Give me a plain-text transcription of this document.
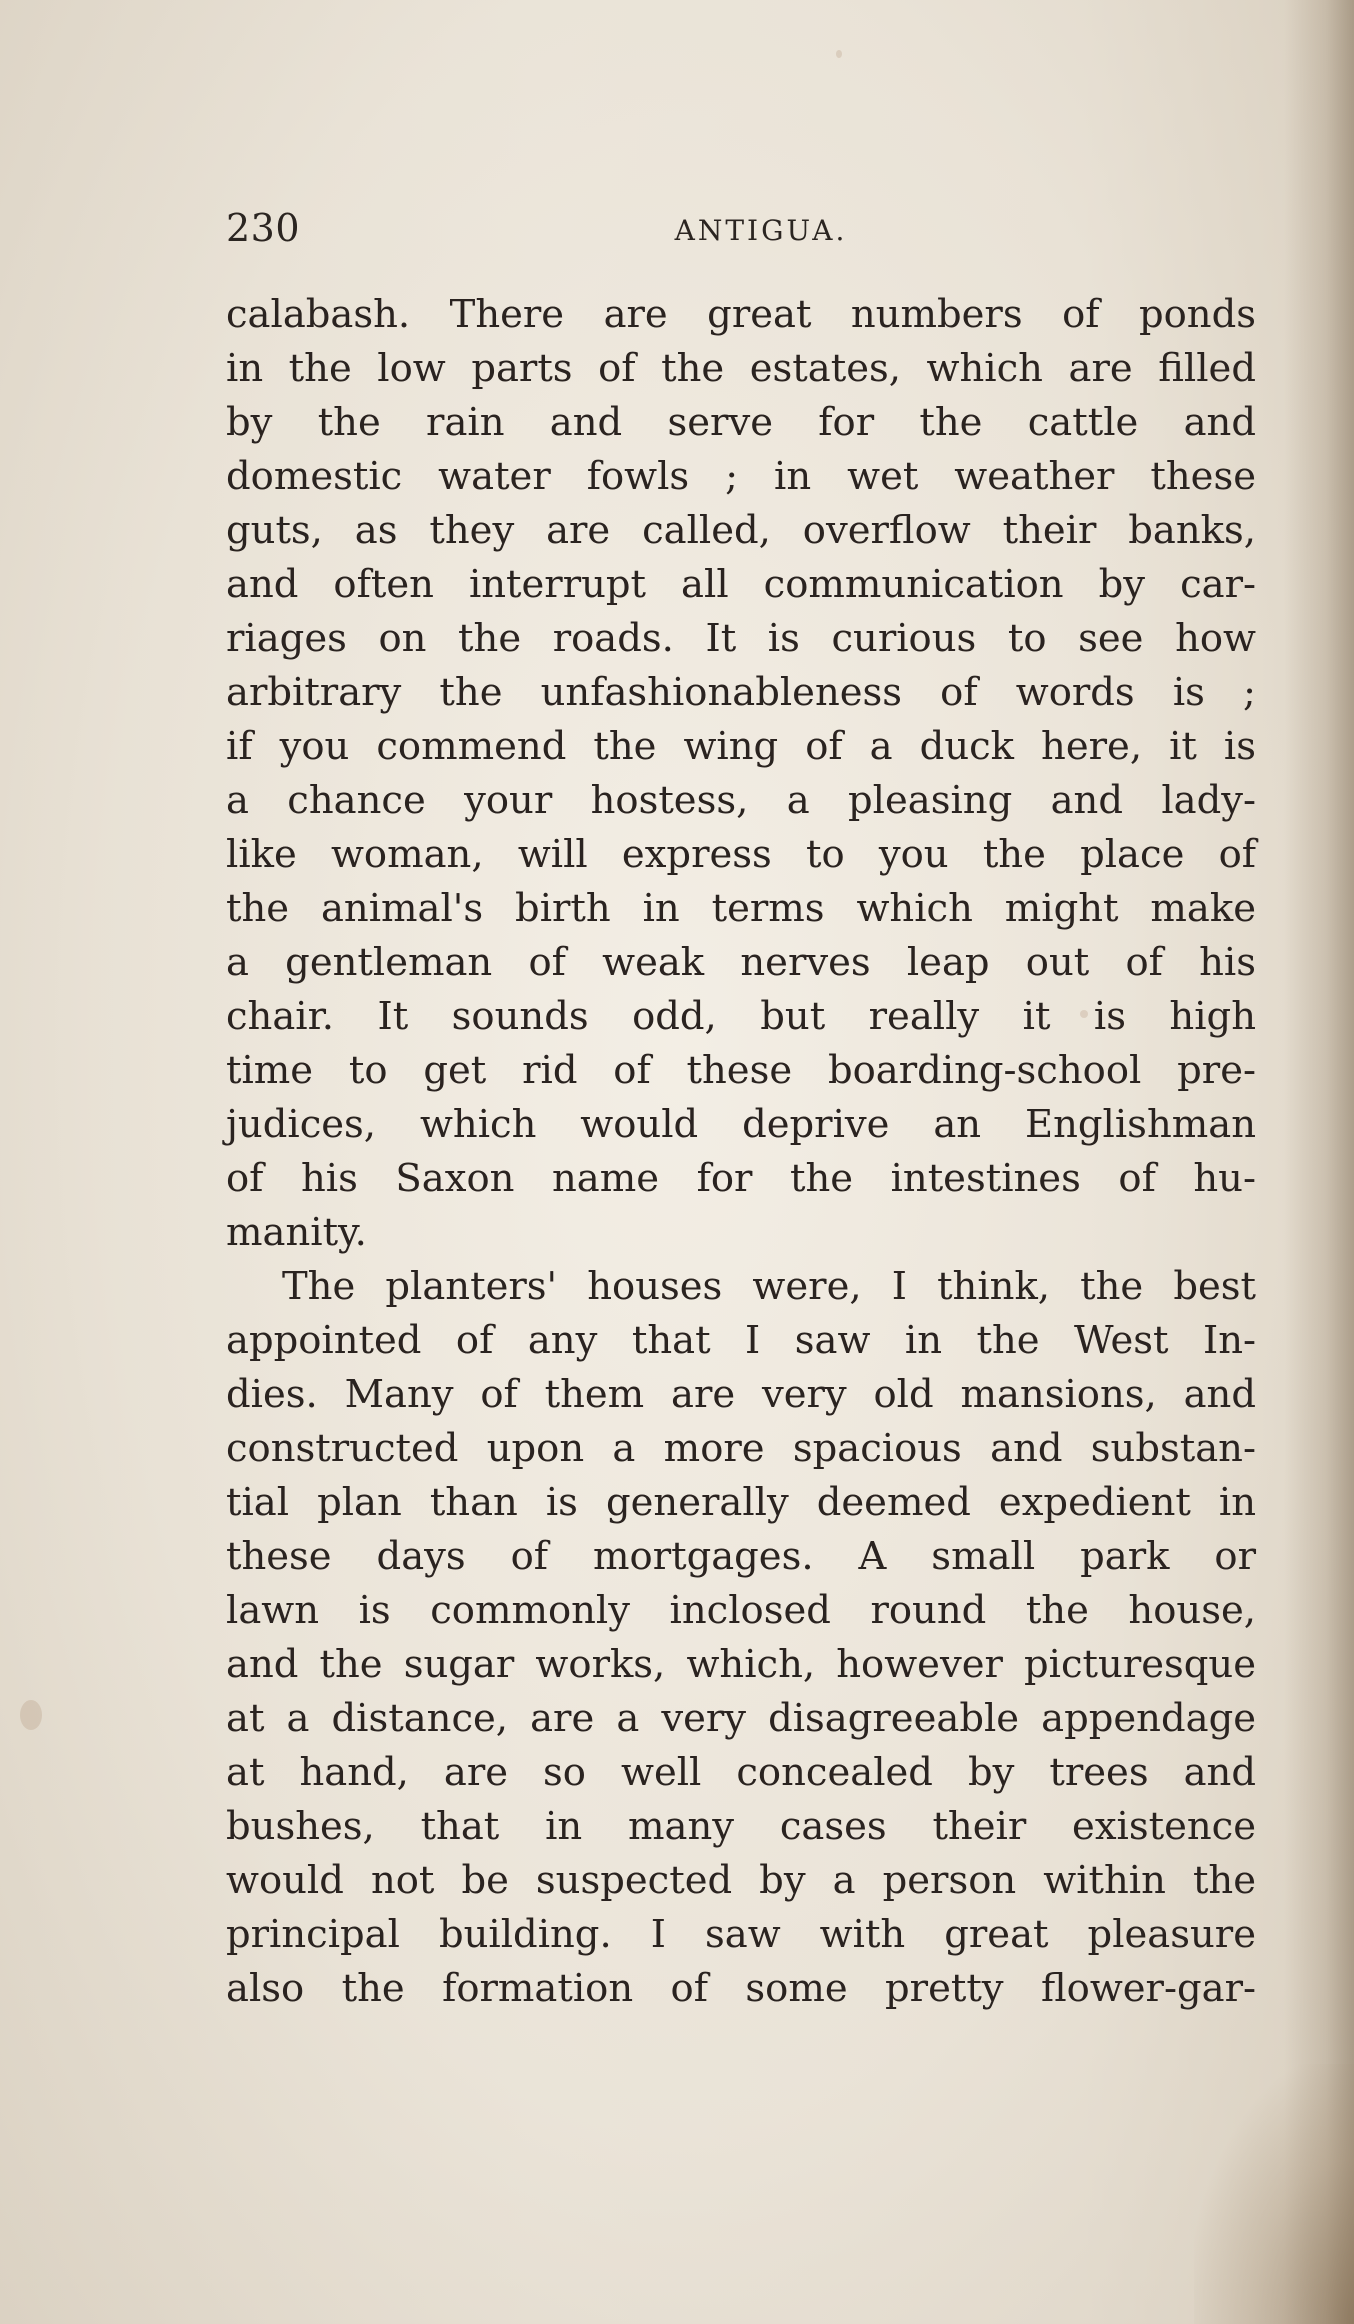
230	ANTIGUA.
calabash. There are great numbers of ponds
in the low parts of the estates, which are filled
by the rain and serve for the cattle and
domestic water fowls ; in wet weather these
guts, as they are called, overflow their banks,
and often interrupt all communication by car-
riages on the roads. It is curious to see how
arbitrary the unfashionableness of words is ;
if you commend the wing of a duck here, it is
a chance your hostess, a pleasing and lady-
like woman, will express to you the place of
the animal's birth in terms which might make
a gentleman of weak nerves leap out of his
chair. It sounds odd, but really it is high
time to get rid of these boarding-school pre-
judices, which would deprive an Englishman
of his Saxon name for the intestines of hu-
manity.
The planters' houses were, I think, the best
appointed of any that I saw in the West In-
dies. Many of them are very old mansions, and
constructed upon a more spacious and substan-
tial plan than is generally deemed expedient in
these days of mortgages. A small park or
lawn is commonly inclosed round the house,
and the sugar works, which, however picturesque
at a distance, are a very disagreeable appendage
at hand, are so well concealed by trees and
bushes, that in many cases their existence
would not be suspected by a person within the
principal building. I saw with great pleasure
also the formation of some pretty flower-gar-
